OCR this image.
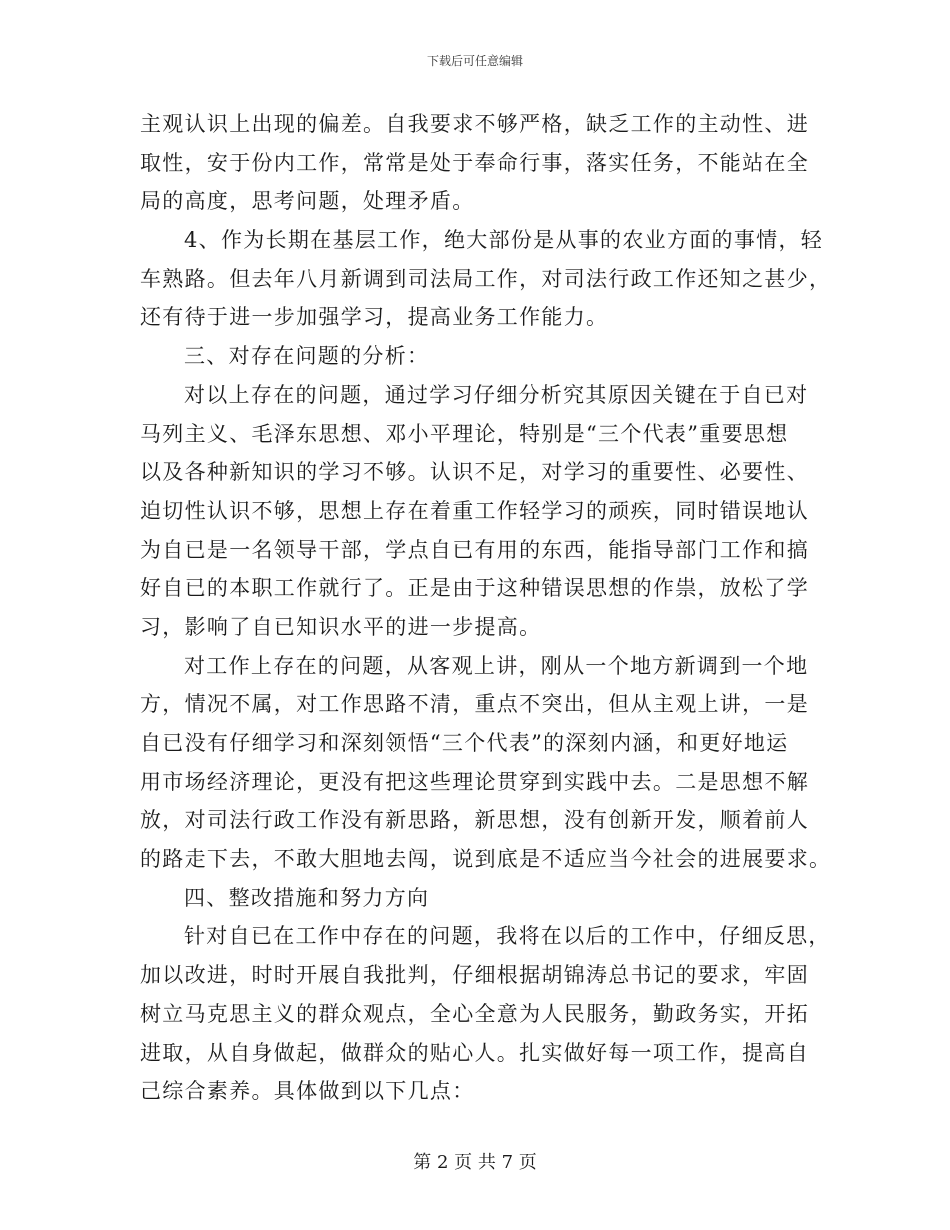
下载后可任意编辑
主观认识上出现的偏差。自我要求不够严格，缺乏工作的主动性、进
取性，安于份内工作，常常是处于奉命行事，落实任务，不能站在全
局的高度，思考问题，处理矛盾。
4、作为长期在基层工作，绝大部份是从事的农业方面的事情，轻
车熟路。但去年八月新调到司法局工作，对司法行政工作还知之甚少，
还有待于进一步加强学习，提高业务工作能力。
三、对存在问题的分析：
对以上存在的问题，通过学习仔细分析究其原因关键在于自已对
马列主义、毛泽东思想、邓小平理论，特别是“三个代表”重要思想
以及各种新知识的学习不够。认识不足，对学习的重要性、必要性、
迫切性认识不够，思想上存在着重工作轻学习的顽疾，同时错误地认
为自已是一名领导干部，学点自已有用的东西，能指导部门工作和搞
好自已的本职工作就行了。正是由于这种错误思想的作祟，放松了学
习，影响了自已知识水平的进一步提高。
对工作上存在的问题，从客观上讲，刚从一个地方新调到一个地
方，情况不属，对工作思路不清，重点不突出，但从主观上讲，一是
自已没有仔细学习和深刻领悟“三个代表”的深刻内涵，和更好地运
用市场经济理论，更没有把这些理论贯穿到实践中去。二是思想不解
放，对司法行政工作没有新思路，新思想，没有创新开发，顺着前人
的路走下去，不敢大胆地去闯，说到底是不适应当今社会的进展要求。
四、整改措施和努力方向
针对自已在工作中存在的问题，我将在以后的工作中，仔细反思，
加以改进，时时开展自我批判，仔细根据胡锦涛总书记的要求，牢固
树立马克思主义的群众观点，全心全意为人民服务，勤政务实，开拓
进取，从自身做起，做群众的贴心人。扎实做好每一项工作，提高自
己综合素养。具体做到以下几点：
第 2 页 共 7 页
